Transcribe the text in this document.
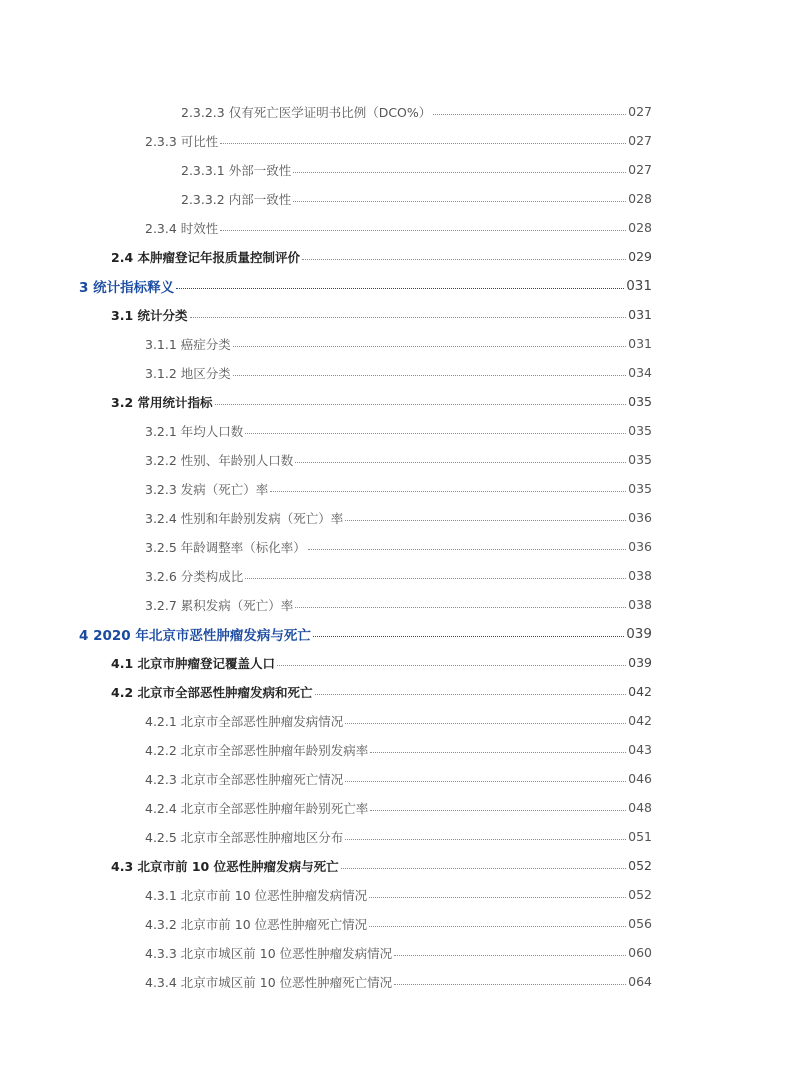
2.3.2.3 仅有死亡医学证明书比例（DCO%）	027
2.3.3 可比性	027
2.3.3.1 外部一致性	027
2.3.3.2 内部一致性	028
2.3.4 时效性	028
2.4 本肿瘤登记年报质量控制评价	029
3 统计指标释义	031
3.1 统计分类	031
3.1.1 癌症分类	031
3.1.2 地区分类	034
3.2 常用统计指标	035
3.2.1 年均人口数	035
3.2.2 性别、年龄别人口数	035
3.2.3 发病（死亡）率	035
3.2.4 性别和年龄别发病（死亡）率	036
3.2.5 年龄调整率（标化率）	036
3.2.6 分类构成比	038
3.2.7 累积发病（死亡）率	038
4 2020 年北京市恶性肿瘤发病与死亡	039
4.1 北京市肿瘤登记覆盖人口	039
4.2 北京市全部恶性肿瘤发病和死亡	042
4.2.1 北京市全部恶性肿瘤发病情况	042
4.2.2 北京市全部恶性肿瘤年龄别发病率	043
4.2.3 北京市全部恶性肿瘤死亡情况	046
4.2.4 北京市全部恶性肿瘤年龄别死亡率	048
4.2.5 北京市全部恶性肿瘤地区分布	051
4.3 北京市前 10 位恶性肿瘤发病与死亡	052
4.3.1 北京市前 10 位恶性肿瘤发病情况	052
4.3.2 北京市前 10 位恶性肿瘤死亡情况	056
4.3.3 北京市城区前 10 位恶性肿瘤发病情况	060
4.3.4 北京市城区前 10 位恶性肿瘤死亡情况	064
